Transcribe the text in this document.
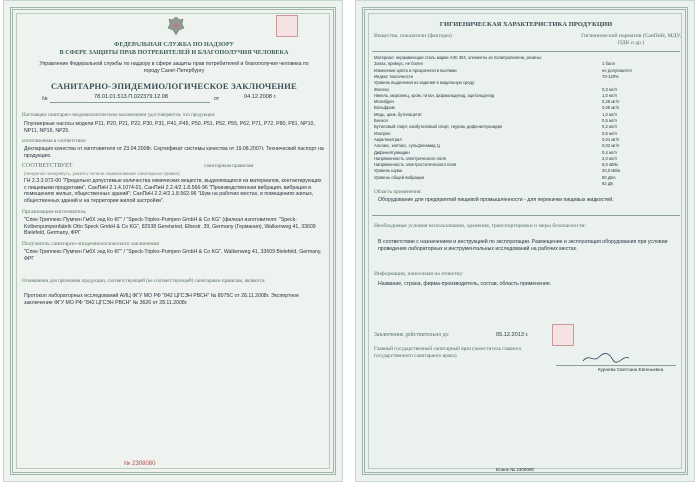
ФЕДЕРАЛЬНАЯ СЛУЖБА ПО НАДЗОРУ
В СФЕРЕ ЗАЩИТЫ ПРАВ ПОТРЕБИТЕЛЕЙ И БЛАГОПОЛУЧИЯ ЧЕЛОВЕКА
Управление Федеральной службы по надзору в сфере защиты прав потребителей и благополучия человека по городу Санкт-Петербургу
САНИТАРНО-ЭПИДЕМИОЛОГИЧЕСКОЕ ЗАКЛЮЧЕНИЕ
№	78.01.01.513.П.022379.12.08	от	04.12.2008 г.
Настоящим санитарно-эпидемиологическим заключением удостоверяется, что продукция:
Плунжерные насосы модели P11, P20, P21, P22, P30, P31, P41, P45, P50, P51, P52, P55, P62, P71, P72, P80, P81, NP10, NP11, NP16, NP25.
изготовленная в соответствии
Декларация качества от изготовителя от 23.04.2008г. Сертификат системы качества от 19.08.2007г. Технический паспорт на продукцию.
СООТВЕТСТВУЕТ	санитарным правилам
(ненужное зачеркнуть, указать полное наименование санитарных правил)
ГН 2.3.3.972-00 "Предельно допустимые количества химических веществ, выделяющихся из материалов, контактирующих с пищевыми продуктами", СанПиН 2.1.4.1074-01, СанПиН 2.2.4/2.1.8.566-96 "Производственная вибрация, вибрация в помещениях жилых, общественных зданий"; СанПиН 2.2.4/2.1.8.562-96 "Шум на рабочих местах, в помещениях жилых, общественных зданий и на территории жилой застройки".
Организация-изготовитель
"Спек-Триплекс-Пумпен ГмбХ энд Ко КГ" / "Speck-Triplex-Pumpen GmbH & Co KG" (филиал изготовителя: "Speck-Kolbenpumpenfabrik Otto Speck GmbH & Co KG", 82538 Geretsried, Elbestr. 39, Germany (Германия), Walkenweg 41, 33609 Bielefeld, Germany, ФРГ
Получатель санитарно-эпидемиологического заключения
"Спек-Триплекс-Пумпен ГмбХ энд Ко КГ" / "Speck-Triplex-Pumpen GmbH & Co KG", Walkenweg 41, 33609 Bielefeld, Germany, ФРГ
Основанием для признания продукции, соответствующей (не соответствующей) санитарным правилам, являются
Протокол лабораторных исследований АИЦ ФГУ МО РФ "842 ЦГСЭН РВСН" № 8075С от 28.11.2008г. Экспертное заключение ФГУ МО РФ "842 ЦГСЭН РВСН" № 3626 от 28.11.2008г.
№ 2308080
ГИГИЕНИЧЕСКАЯ ХАРАКТЕРИСТИКА ПРОДУКЦИИ
Вещества, показатели (факторы)	Гигиенический норматив (СанПиН, МДУ, ПДК и др.)
Материал: нержавеющая сталь марки AISI 304, элементы из полипропилена, резины:
Запах, привкус, не более	1 балл
Изменение цвета и прозрачности вытяжки	не допускается
Индекс токсичности	70-120%
Уровень выделения из изделия в модельную среду:
Железо	0,3 мг/л
Никель, марганец, хром, титан, формальдегид, ацетальдегид	1,0 мг/л
Молибден	0,25 мг/л
Вольфрам	0,05 мг/л
Медь, цинк, бутилацетат	1,0 мг/л
Бензол	0,5 мг/л
Бутиловый спирт, изобутиловый спирт, тиурам, дифенилгуанидин	0,2 мг/л
Изопрен	0,5 мг/л
Акрилонитрил	0,01 мг/л
Альтакс, каптакс, сульфенамид Ц	0,02 мг/л
Дифенилгуанидин	0,4 мг/л
Напряженность электрического поля	2,0 мг/л
Напряженность электростатического поля	5,0 кВ/м
Уровень шума	20,0 кВ/м
Уровень общей вибрации	80 дБА
92 дБ
Область применения:
Оборудование для предприятий пищевой промышленности - для перекачки пищевых жидкостей.
Необходимые условия использования, хранения, транспортировки и меры безопасности:
В соответствии с назначением и инструкцией по эксплуатации. Размещение и эксплуатация оборудования при условии проведения лабораторных и инструментальных исследований на рабочих местах.
Информация, наносимая на этикетку:
Название, страна, фирма-производитель, состав, область применения.
Заключение действительно до	05.12.2013 г.
Главный государственный санитарный врач (заместитель главного государственного санитарного врача)
Курнева Светлана Евгеньевна
Бланк № 2308080
